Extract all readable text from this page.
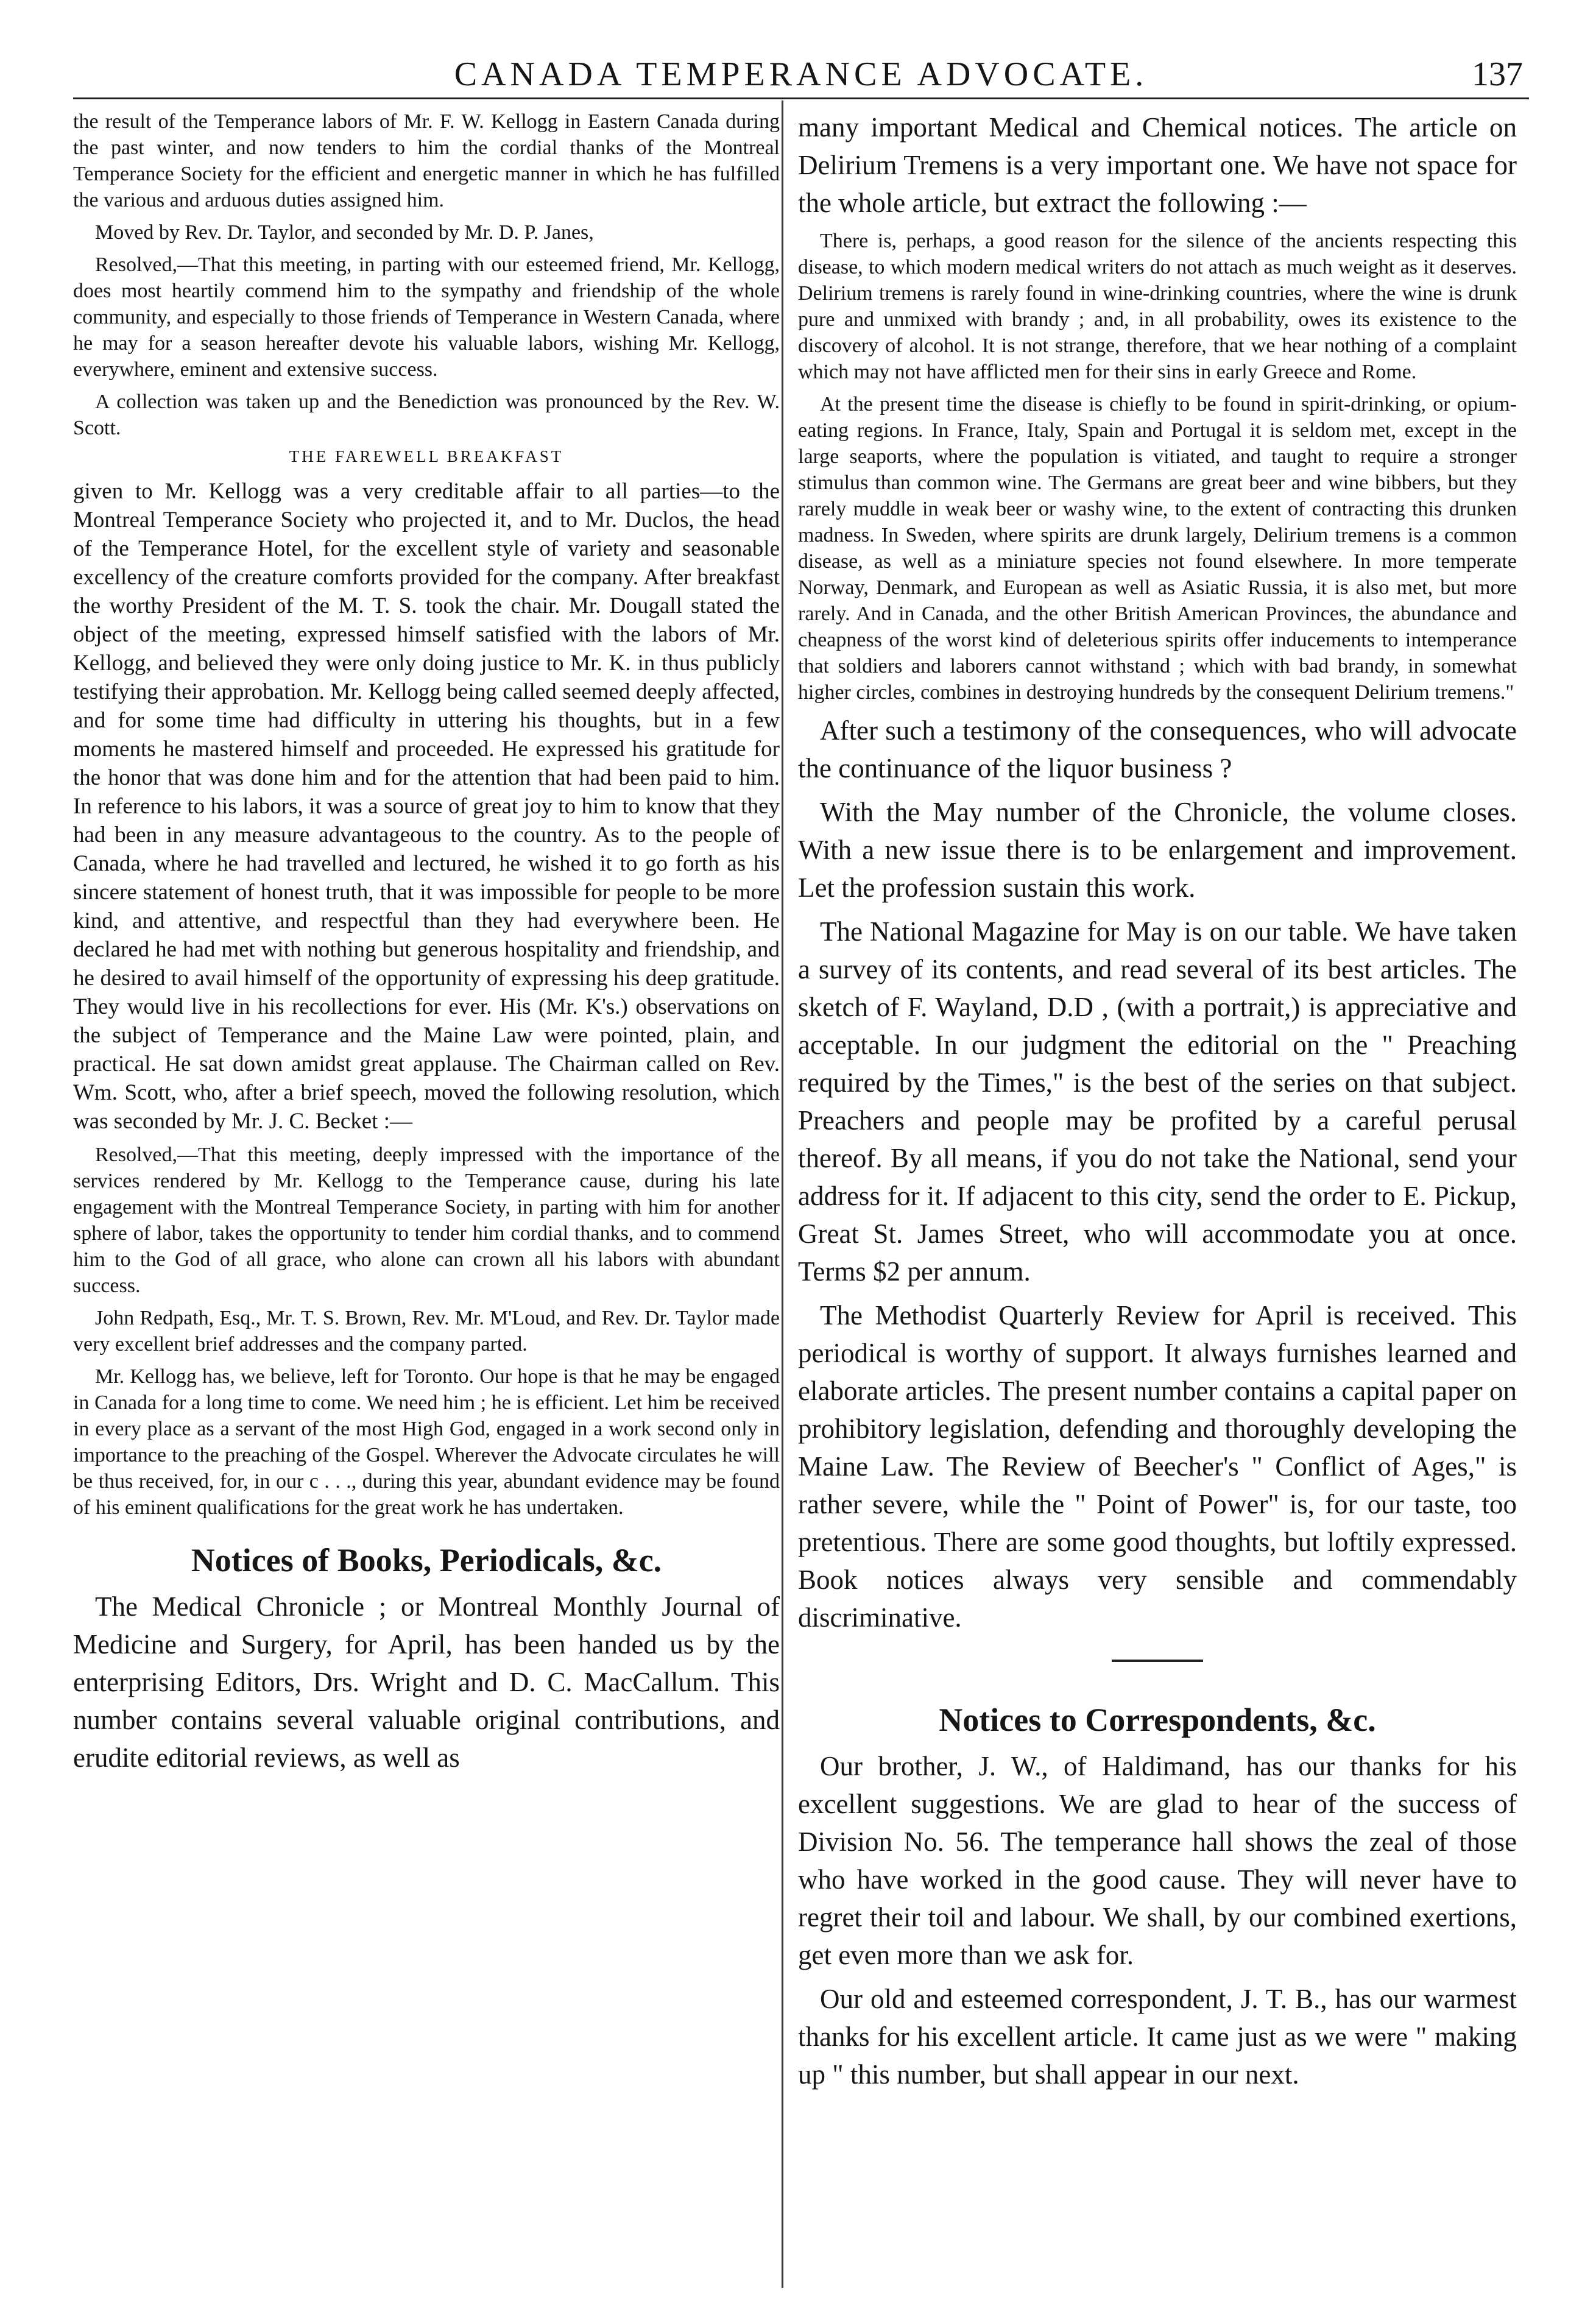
CANADA TEMPERANCE ADVOCATE.	137

the result of the Temperance labors of Mr. F. W. Kellogg in Eastern Canada during the past winter, and now tenders to him the cordial thanks of the Montreal Temperance Society for the efficient and energetic manner in which he has fulfilled the various and arduous duties assigned him.

Moved by Rev. Dr. Taylor, and seconded by Mr. D. P. Janes,

Resolved,—That this meeting, in parting with our esteemed friend, Mr. Kellogg, does most heartily commend him to the sympathy and friendship of the whole community, and especially to those friends of Temperance in Western Canada, where he may for a season hereafter devote his valuable labors, wishing Mr. Kellogg, everywhere, eminent and extensive success.

A collection was taken up and the Benediction was pronounced by the Rev. W. Scott.

THE FAREWELL BREAKFAST

given to Mr. Kellogg was a very creditable affair to all parties—to the Montreal Temperance Society who projected it, and to Mr. Duclos, the head of the Temperance Hotel, for the excellent style of variety and seasonable excellency of the creature comforts provided for the company. After breakfast the worthy President of the M. T. S. took the chair. Mr. Dougall stated the object of the meeting, expressed himself satisfied with the labors of Mr. Kellogg, and believed they were only doing justice to Mr. K. in thus publicly testifying their approbation. Mr. Kellogg being called seemed deeply affected, and for some time had difficulty in uttering his thoughts, but in a few moments he mastered himself and proceeded. He expressed his gratitude for the honor that was done him and for the attention that had been paid to him. In reference to his labors, it was a source of great joy to him to know that they had been in any measure advantageous to the country. As to the people of Canada, where he had travelled and lectured, he wished it to go forth as his sincere statement of honest truth, that it was impossible for people to be more kind, and attentive, and respectful than they had everywhere been. He declared he had met with nothing but generous hospitality and friendship, and he desired to avail himself of the opportunity of expressing his deep gratitude. They would live in his recollections for ever. His (Mr. K's.) observations on the subject of Temperance and the Maine Law were pointed, plain, and practical. He sat down amidst great applause. The Chairman called on Rev. Wm. Scott, who, after a brief speech, moved the following resolution, which was seconded by Mr. J. C. Becket :—

Resolved,—That this meeting, deeply impressed with the importance of the services rendered by Mr. Kellogg to the Temperance cause, during his late engagement with the Montreal Temperance Society, in parting with him for another sphere of labor, takes the opportunity to tender him cordial thanks, and to commend him to the God of all grace, who alone can crown all his labors with abundant success.

John Redpath, Esq., Mr. T. S. Brown, Rev. Mr. M'Loud, and Rev. Dr. Taylor made very excellent brief addresses and the company parted.

Mr. Kellogg has, we believe, left for Toronto. Our hope is that he may be engaged in Canada for a long time to come. We need him ; he is efficient. Let him be received in every place as a servant of the most High God, engaged in a work second only in importance to the preaching of the Gospel. Wherever the Advocate circulates he will be thus received, for, in our c . . ., during this year, abundant evidence may be found of his eminent qualifications for the great work he has undertaken.

Notices of Books, Periodicals, &c.

The Medical Chronicle ; or Montreal Monthly Journal of Medicine and Surgery, for April, has been handed us by the enterprising Editors, Drs. Wright and D. C. MacCallum. This number contains several valuable original contributions, and erudite editorial reviews, as well as

many important Medical and Chemical notices. The article on Delirium Tremens is a very important one. We have not space for the whole article, but extract the following :—

There is, perhaps, a good reason for the silence of the ancients respecting this disease, to which modern medical writers do not attach as much weight as it deserves. Delirium tremens is rarely found in wine-drinking countries, where the wine is drunk pure and unmixed with brandy ; and, in all probability, owes its existence to the discovery of alcohol. It is not strange, therefore, that we hear nothing of a complaint which may not have afflicted men for their sins in early Greece and Rome.

At the present time the disease is chiefly to be found in spirit-drinking, or opium-eating regions. In France, Italy, Spain and Portugal it is seldom met, except in the large seaports, where the population is vitiated, and taught to require a stronger stimulus than common wine. The Germans are great beer and wine bibbers, but they rarely muddle in weak beer or washy wine, to the extent of contracting this drunken madness. In Sweden, where spirits are drunk largely, Delirium tremens is a common disease, as well as a miniature species not found elsewhere. In more temperate Norway, Denmark, and European as well as Asiatic Russia, it is also met, but more rarely. And in Canada, and the other British American Provinces, the abundance and cheapness of the worst kind of deleterious spirits offer inducements to intemperance that soldiers and laborers cannot withstand ; which with bad brandy, in somewhat higher circles, combines in destroying hundreds by the consequent Delirium tremens."

After such a testimony of the consequences, who will advocate the continuance of the liquor business ?

With the May number of the Chronicle, the volume closes. With a new issue there is to be enlargement and improvement. Let the profession sustain this work.

The National Magazine for May is on our table. We have taken a survey of its contents, and read several of its best articles. The sketch of F. Wayland, D.D , (with a portrait,) is appreciative and acceptable. In our judgment the editorial on the " Preaching required by the Times," is the best of the series on that subject. Preachers and people may be profited by a careful perusal thereof. By all means, if you do not take the National, send your address for it. If adjacent to this city, send the order to E. Pickup, Great St. James Street, who will accommodate you at once. Terms $2 per annum.

The Methodist Quarterly Review for April is received. This periodical is worthy of support. It always furnishes learned and elaborate articles. The present number contains a capital paper on prohibitory legislation, defending and thoroughly developing the Maine Law. The Review of Beecher's " Conflict of Ages," is rather severe, while the " Point of Power" is, for our taste, too pretentious. There are some good thoughts, but loftily expressed. Book notices always very sensible and commendably discriminative.

Notices to Correspondents, &c.

Our brother, J. W., of Haldimand, has our thanks for his excellent suggestions. We are glad to hear of the success of Division No. 56. The temperance hall shows the zeal of those who have worked in the good cause. They will never have to regret their toil and labour. We shall, by our combined exertions, get even more than we ask for.

Our old and esteemed correspondent, J. T. B., has our warmest thanks for his excellent article. It came just as we were " making up " this number, but shall appear in our next.
